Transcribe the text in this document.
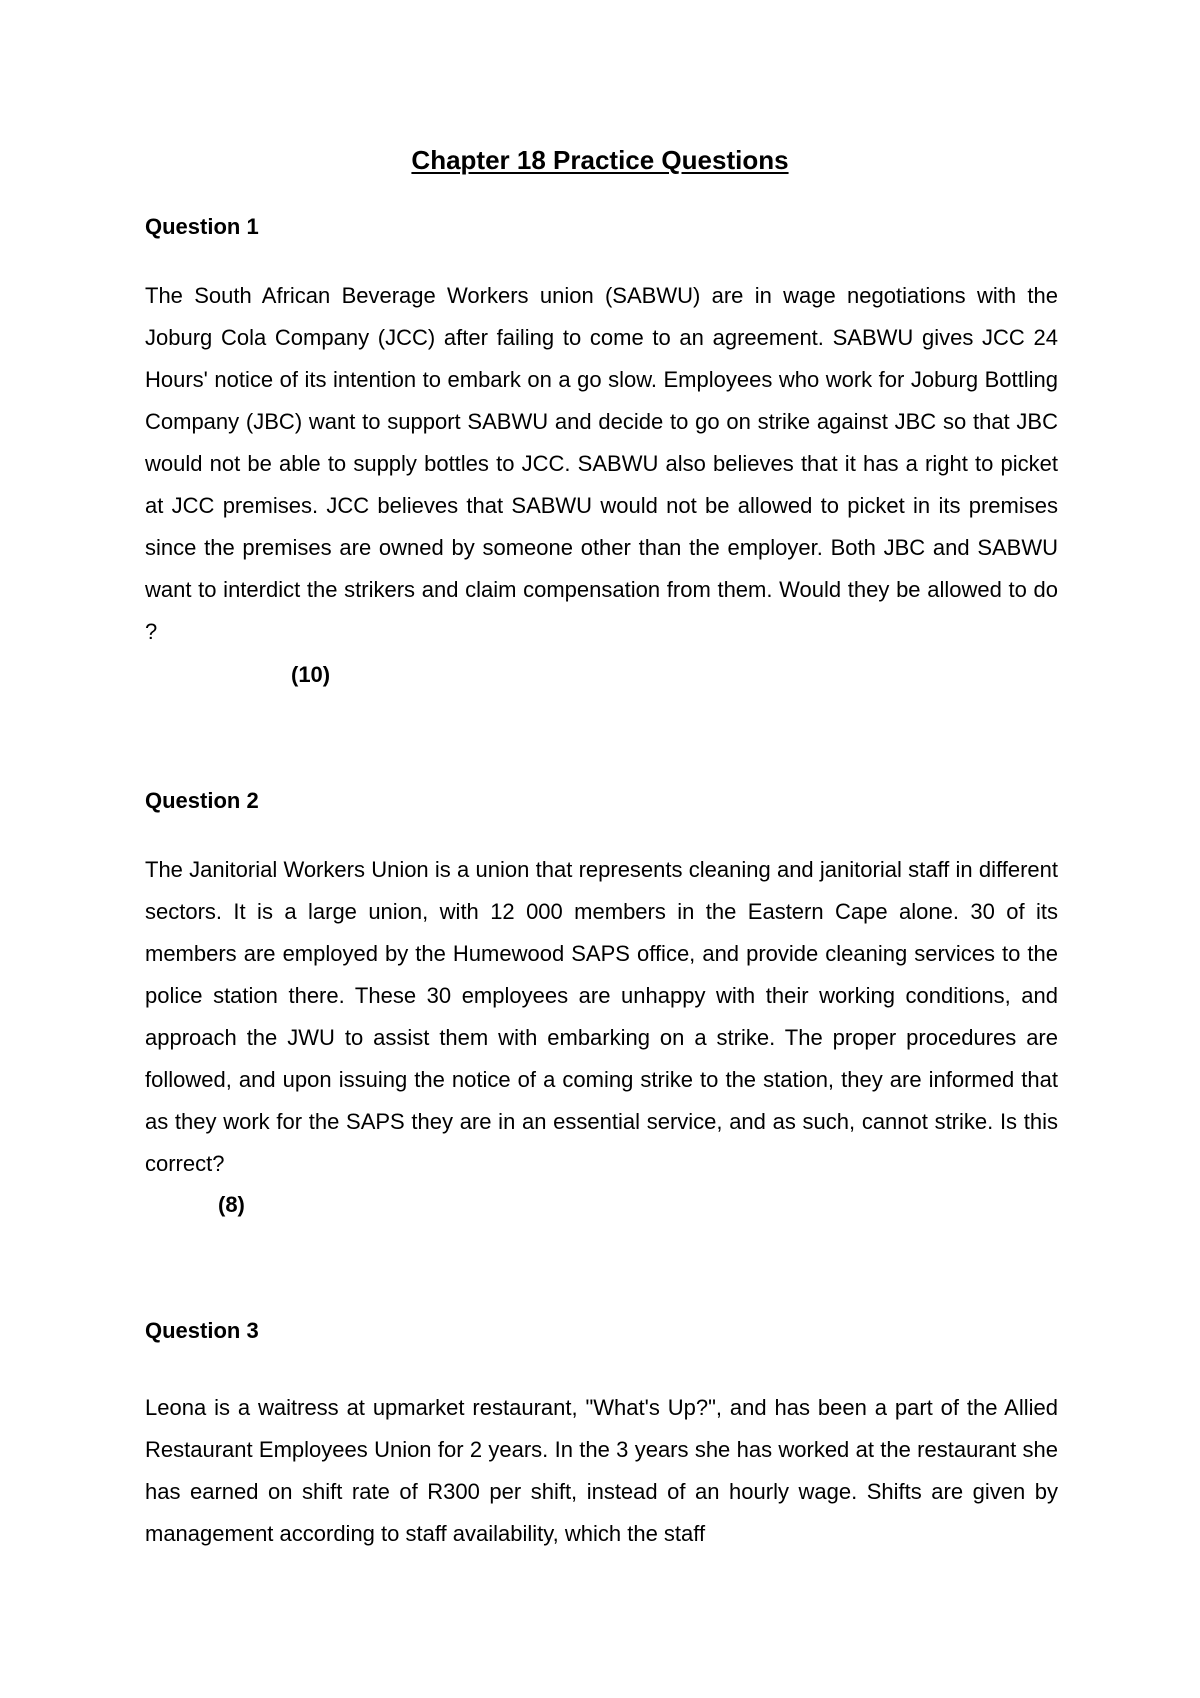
Chapter 18 Practice Questions
Question 1

The South African Beverage Workers union (SABWU) are in wage negotiations with the Joburg Cola Company (JCC) after failing to come to an agreement. SABWU gives JCC 24 Hours' notice of its intention to embark on a go slow. Employees who work for Joburg Bottling Company (JBC) want to support SABWU and decide to go on strike against JBC so that JBC would not be able to supply bottles to JCC. SABWU also believes that it has a right to picket at JCC premises. JCC believes that SABWU would not be allowed to picket in its premises since the premises are owned by someone other than the employer. Both JBC and SABWU want to interdict the strikers and claim compensation from them. Would they be allowed to do ?

(10)
Question 2

The Janitorial Workers Union is a union that represents cleaning and janitorial staff in different sectors. It is a large union, with 12 000 members in the Eastern Cape alone. 30 of its members are employed by the Humewood SAPS office, and provide cleaning services to the police station there. These 30 employees are unhappy with their working conditions, and approach the JWU to assist them with embarking on a strike. The proper procedures are followed, and upon issuing the notice of a coming strike to the station, they are informed that as they work for the SAPS they are in an essential service, and as such, cannot strike. Is this correct?

(8)
Question 3

Leona is a waitress at upmarket restaurant, "What's Up?", and has been a part of the Allied Restaurant Employees Union for 2 years. In the 3 years she has worked at the restaurant she has earned on shift rate of R300 per shift, instead of an hourly wage. Shifts are given by management according to staff availability, which the staff
